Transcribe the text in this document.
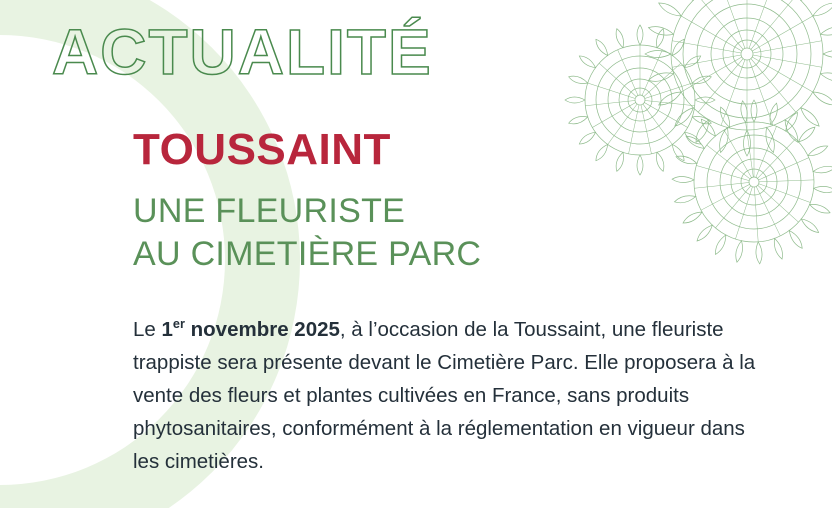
ACTUALITÉ
TOUSSAINT
UNE FLEURISTE
AU CIMETIÈRE PARC

Le 1er novembre 2025, à l’occasion de la Toussaint, une fleuriste trappiste sera présente devant le Cimetière Parc. Elle proposera à la vente des fleurs et plantes cultivées en France, sans produits phytosanitaires, conformément à la réglementation en vigueur dans les cimetières.
